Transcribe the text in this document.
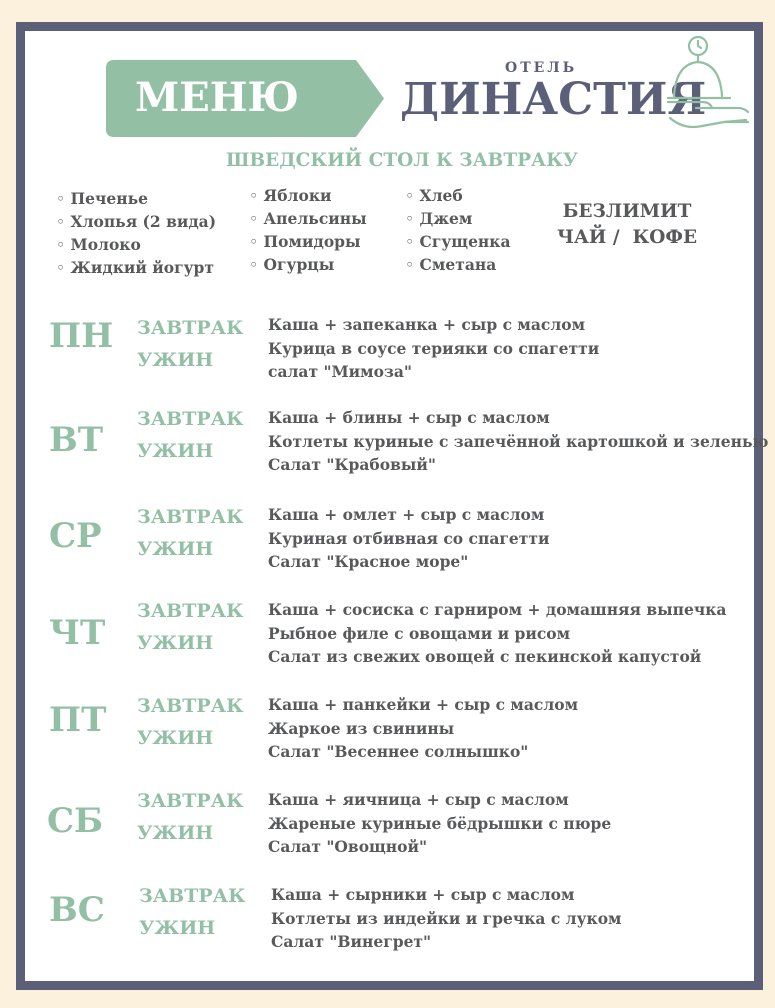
МЕНЮ
ОТЕЛЬ
ДИНАСТИЯ
ШВЕДСКИЙ СТОЛ К ЗАВТРАКУ
◦ Печенье
◦ Хлопья (2 вида)
◦ Молоко
◦ Жидкий йогурт
◦ Яблоки
◦ Апельсины
◦ Помидоры
◦ Огурцы
◦ Хлеб
◦ Джем
◦ Сгущенка
◦ Сметана
БЕЗЛИМИТ
ЧАЙ /  КОФЕ
ПН ЗАВТРАК
УЖИН
Каша + запеканка + сыр с маслом
Курица в соусе терияки со спагетти
салат "Мимоза"
ВТ
ЗАВТРАК
УЖИН
Каша + блины + сыр с маслом
Котлеты куриные с запечённой картошкой и зеленью
Салат "Крабовый"
СР ЗАВТРАК
УЖИН
Каша + омлет + сыр с маслом
Куриная отбивная со спагетти
Салат "Красное море"
ЧТ
ЗАВТРАК
УЖИН
Каша + сосиска с гарниром + домашняя выпечка
Рыбное филе с овощами и рисом
Салат из свежих овощей с пекинской капустой
ПТ ЗАВТРАК
УЖИН
Каша + панкейки + сыр с маслом
Жаркое из свинины
Салат "Весеннее солнышко"
СБ ЗАВТРАК
УЖИН
Каша + яичница + сыр с маслом
Жареные куриные бёдрышки с пюре
Салат "Овощной"
ВС ЗАВТРАК
УЖИН
Каша + сырники + сыр с маслом
Котлеты из индейки и гречка с луком
Салат "Винегрет"
